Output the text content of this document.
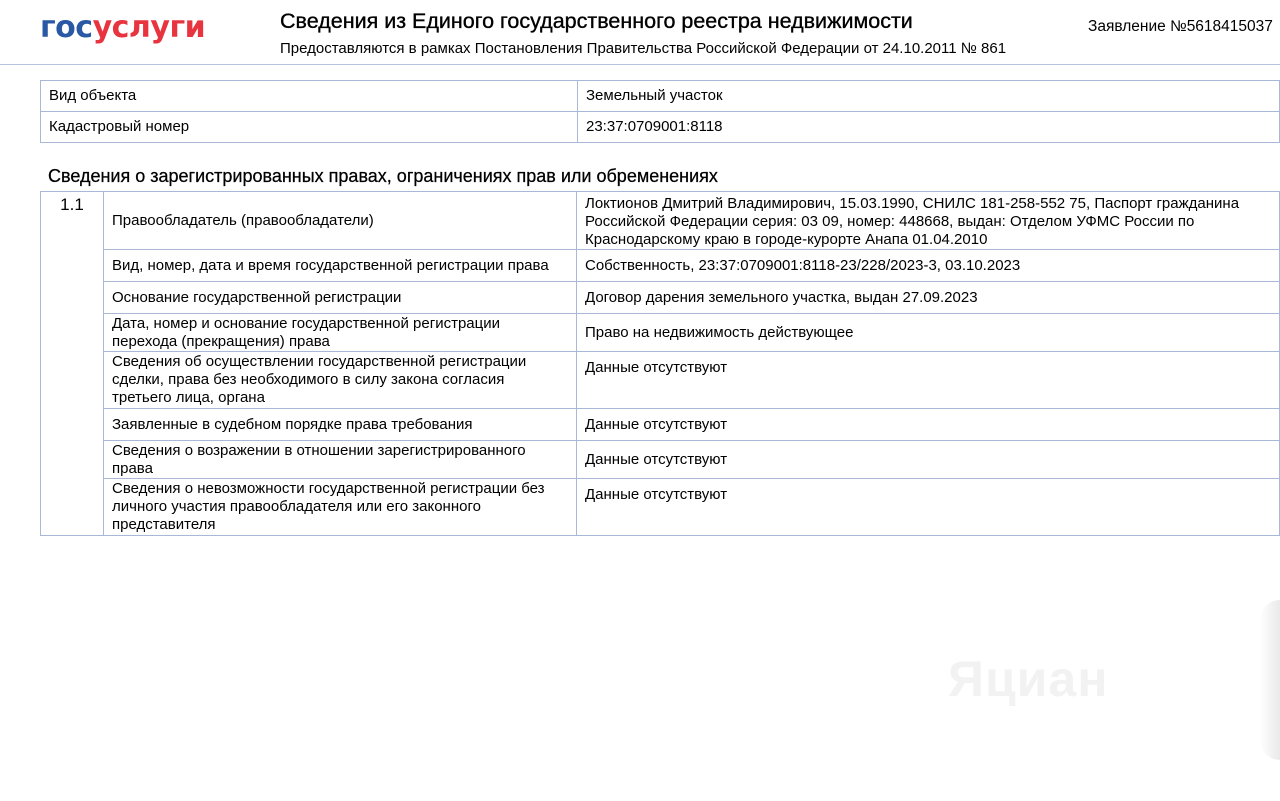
госуслуги	Сведения из Единого государственного реестра недвижимости
Предоставляются в рамках Постановления Правительства Российской Федерации от 24.10.2011 № 861
Заявление №5618415037
Вид объекта	Земельный участок
Кадастровый номер	23:37:0709001:8118
Сведения о зарегистрированных правах, ограничениях прав или обременениях
1.1	Правообладатель (правообладатели)	Локтионов Дмитрий Владимирович, 15.03.1990, СНИЛС 181-258-552 75, Паспорт гражданина Российской Федерации серия: 03 09, номер: 448668, выдан: Отделом УФМС России по Краснодарскому краю в городе-курорте Анапа 01.04.2010
	Вид, номер, дата и время государственной регистрации права	Собственность, 23:37:0709001:8118-23/228/2023-3, 03.10.2023
	Основание государственной регистрации	Договор дарения земельного участка, выдан 27.09.2023
	Дата, номер и основание государственной регистрации перехода (прекращения) права	Право на недвижимость действующее
	Сведения об осуществлении государственной регистрации сделки, права без необходимого в силу закона согласия третьего лица, органа	Данные отсутствуют
	Заявленные в судебном порядке права требования	Данные отсутствуют
	Сведения о возражении в отношении зарегистрированного права	Данные отсутствуют
	Сведения о невозможности государственной регистрации без личного участия правообладателя или его законного представителя	Данные отсутствуют
Яциан
